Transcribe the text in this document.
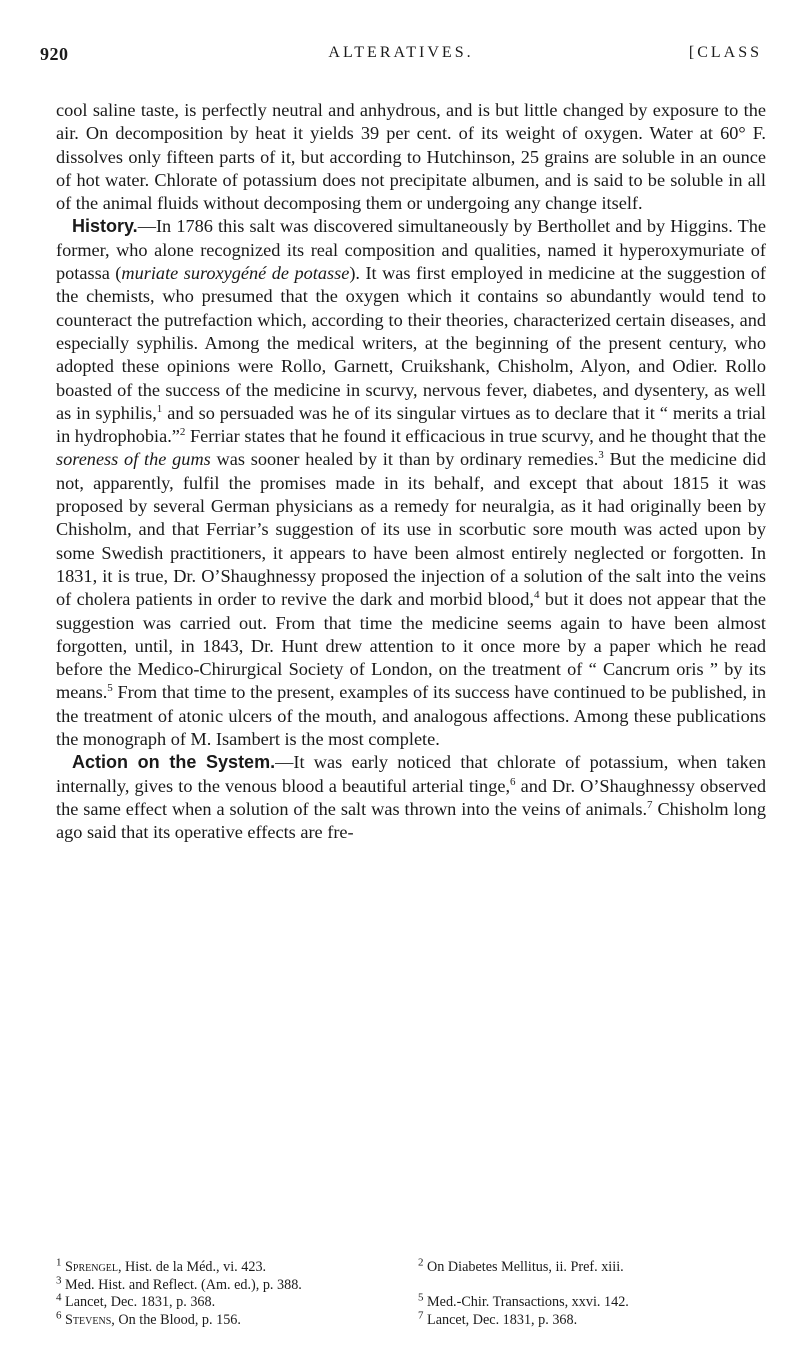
920	ALTERATIVES.	[CLASS

cool saline taste, is perfectly neutral and anhydrous, and is but little changed by exposure to the air. On decomposition by heat it yields 39 per cent. of its weight of oxygen. Water at 60° F. dissolves only fifteen parts of it, but according to Hutchinson, 25 grains are soluble in an ounce of hot water. Chlorate of potassium does not precipitate albumen, and is said to be soluble in all of the animal fluids without decomposing them or undergoing any change itself.

History.—In 1786 this salt was discovered simultaneously by Berthollet and by Higgins. The former, who alone recognized its real composition and qualities, named it hyperoxymuriate of potassa (muriate suroxygéné de potasse). It was first employed in medicine at the suggestion of the chemists, who presumed that the oxygen which it contains so abundantly would tend to counteract the putrefaction which, according to their theories, characterized certain diseases, and especially syphilis. Among the medical writers, at the beginning of the present century, who adopted these opinions were Rollo, Garnett, Cruikshank, Chisholm, Alyon, and Odier. Rollo boasted of the success of the medicine in scurvy, nervous fever, diabetes, and dysentery, as well as in syphilis,$^1$ and so persuaded was he of its singular virtues as to declare that it “ merits a trial in hydrophobia.”$^2$ Ferriar states that he found it efficacious in true scurvy, and he thought that the soreness of the gums was sooner healed by it than by ordinary remedies.$^3$ But the medicine did not, apparently, fulfil the promises made in its behalf, and except that about 1815 it was proposed by several German physicians as a remedy for neuralgia, as it had originally been by Chisholm, and that Ferriar’s suggestion of its use in scorbutic sore mouth was acted upon by some Swedish practitioners, it appears to have been almost entirely neglected or forgotten. In 1831, it is true, Dr. O’Shaughnessy proposed the injection of a solution of the salt into the veins of cholera patients in order to revive the dark and morbid blood,$^4$ but it does not appear that the suggestion was carried out. From that time the medicine seems again to have been almost forgotten, until, in 1843, Dr. Hunt drew attention to it once more by a paper which he read before the Medico-Chirurgical Society of London, on the treatment of “ Cancrum oris ” by its means.$^5$ From that time to the present, examples of its success have continued to be published, in the treatment of atonic ulcers of the mouth, and analogous affections. Among these publications the monograph of M. Isambert is the most complete.

Action on the System.—It was early noticed that chlorate of potassium, when taken internally, gives to the venous blood a beautiful arterial tinge,$^6$ and Dr. O’Shaughnessy observed the same effect when a solution of the salt was thrown into the veins of animals.$^7$ Chisholm long ago said that its operative effects are fre-

$^1$ Sprengel, Hist. de la Méd., vi. 423.	$^2$ On Diabetes Mellitus, ii. Pref. xiii.
$^3$ Med. Hist. and Reflect. (Am. ed.), p. 388.
$^4$ Lancet, Dec. 1831, p. 368.	$^5$ Med.-Chir. Transactions, xxvi. 142.
$^6$ Stevens, On the Blood, p. 156.	$^7$ Lancet, Dec. 1831, p. 368.
